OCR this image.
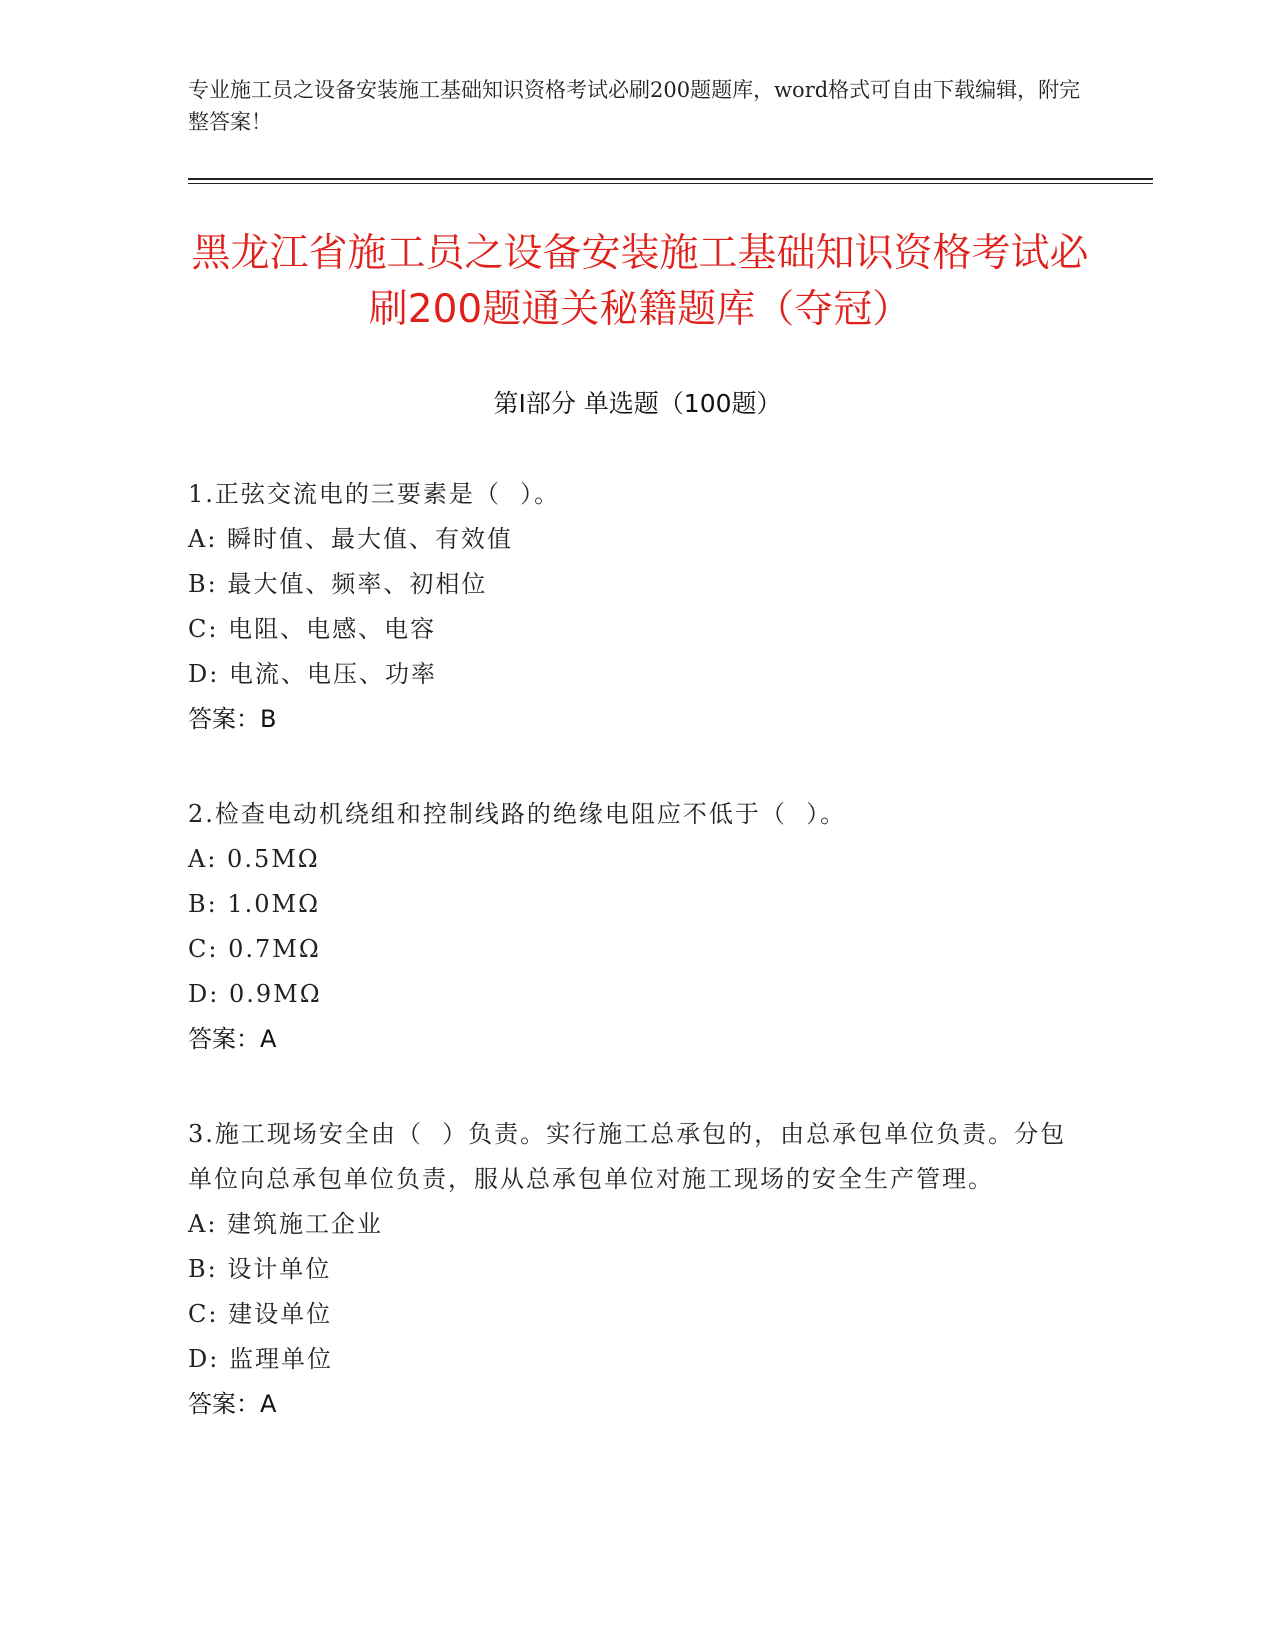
专业施工员之设备安装施工基础知识资格考试必刷200题题库，word格式可自由下载编辑，附完整答案！
黑龙江省施工员之设备安装施工基础知识资格考试必刷200题通关秘籍题库（夺冠）
第Ⅰ部分 单选题（100题）
1.正弦交流电的三要素是（  ）。
A: 瞬时值、最大值、有效值
B: 最大值、频率、初相位
C: 电阻、电感、电容
D: 电流、电压、功率
答案：B
2.检查电动机绕组和控制线路的绝缘电阻应不低于（  ）。
A: 0.5MΩ
B: 1.0MΩ
C: 0.7MΩ
D: 0.9MΩ
答案：A
3.施工现场安全由（  ）负责。实行施工总承包的，由总承包单位负责。分包单位向总承包单位负责，服从总承包单位对施工现场的安全生产管理。
A: 建筑施工企业
B: 设计单位
C: 建设单位
D: 监理单位
答案：A
